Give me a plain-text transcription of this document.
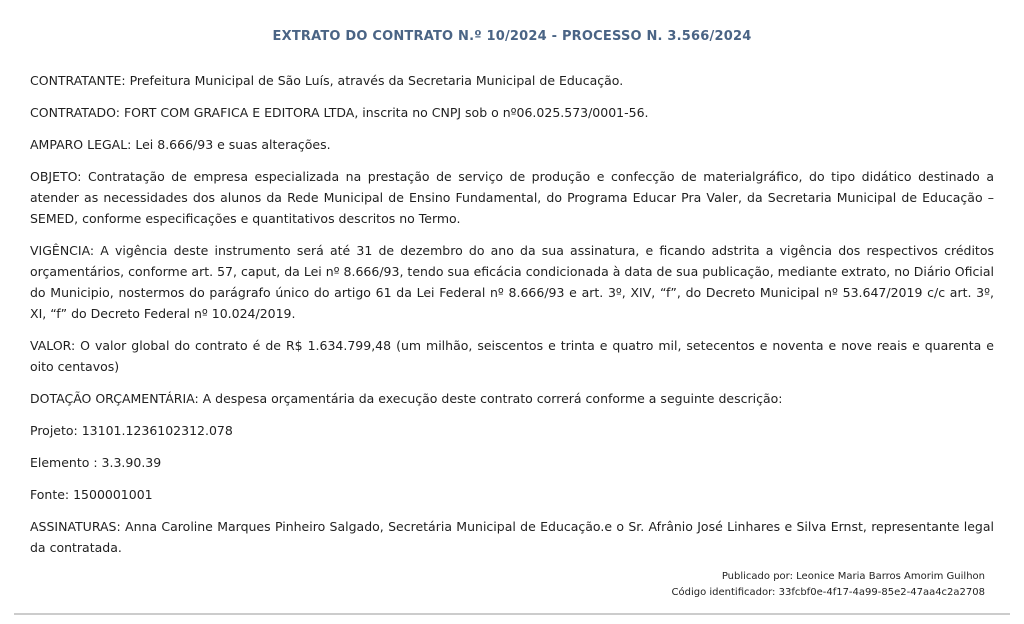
EXTRATO DO CONTRATO N.º 10/2024 - PROCESSO N. 3.566/2024

CONTRATANTE: Prefeitura Municipal de São Luís, através da Secretaria Municipal de Educação.

CONTRATADO: FORT COM GRAFICA E EDITORA LTDA, inscrita no CNPJ sob o nº06.025.573/0001-56.

AMPARO LEGAL: Lei 8.666/93 e suas alterações.

OBJETO: Contratação de empresa especializada na prestação de serviço de produção e confecção de materialgráfico, do tipo didático destinado a atender as necessidades dos alunos da Rede Municipal de Ensino Fundamental, do Programa Educar Pra Valer, da Secretaria Municipal de Educação – SEMED, conforme especificações e quantitativos descritos no Termo.

VIGÊNCIA: A vigência deste instrumento será até 31 de dezembro do ano da sua assinatura, e ficando adstrita a vigência dos respectivos créditos orçamentários, conforme art. 57, caput, da Lei nº 8.666/93, tendo sua eficácia condicionada à data de sua publicação, mediante extrato, no Diário Oficial do Municipio, nostermos do parágrafo único do artigo 61 da Lei Federal nº 8.666/93 e art. 3º, XIV, “f”, do Decreto Municipal nº 53.647/2019 c/c art. 3º, XI, “f” do Decreto Federal nº 10.024/2019.

VALOR: O valor global do contrato é de R$ 1.634.799,48 (um milhão, seiscentos e trinta e quatro mil, setecentos e noventa e nove reais e quarenta e oito centavos)

DOTAÇÃO ORÇAMENTÁRIA: A despesa orçamentária da execução deste contrato correrá conforme a seguinte descrição:

Projeto: 13101.1236102312.078

Elemento : 3.3.90.39

Fonte: 1500001001

ASSINATURAS: Anna Caroline Marques Pinheiro Salgado, Secretária Municipal de Educação.e o Sr. Afrânio José Linhares e Silva Ernst, representante legal da contratada.

Publicado por: Leonice Maria Barros Amorim Guilhon
Código identificador: 33fcbf0e-4f17-4a99-85e2-47aa4c2a2708
